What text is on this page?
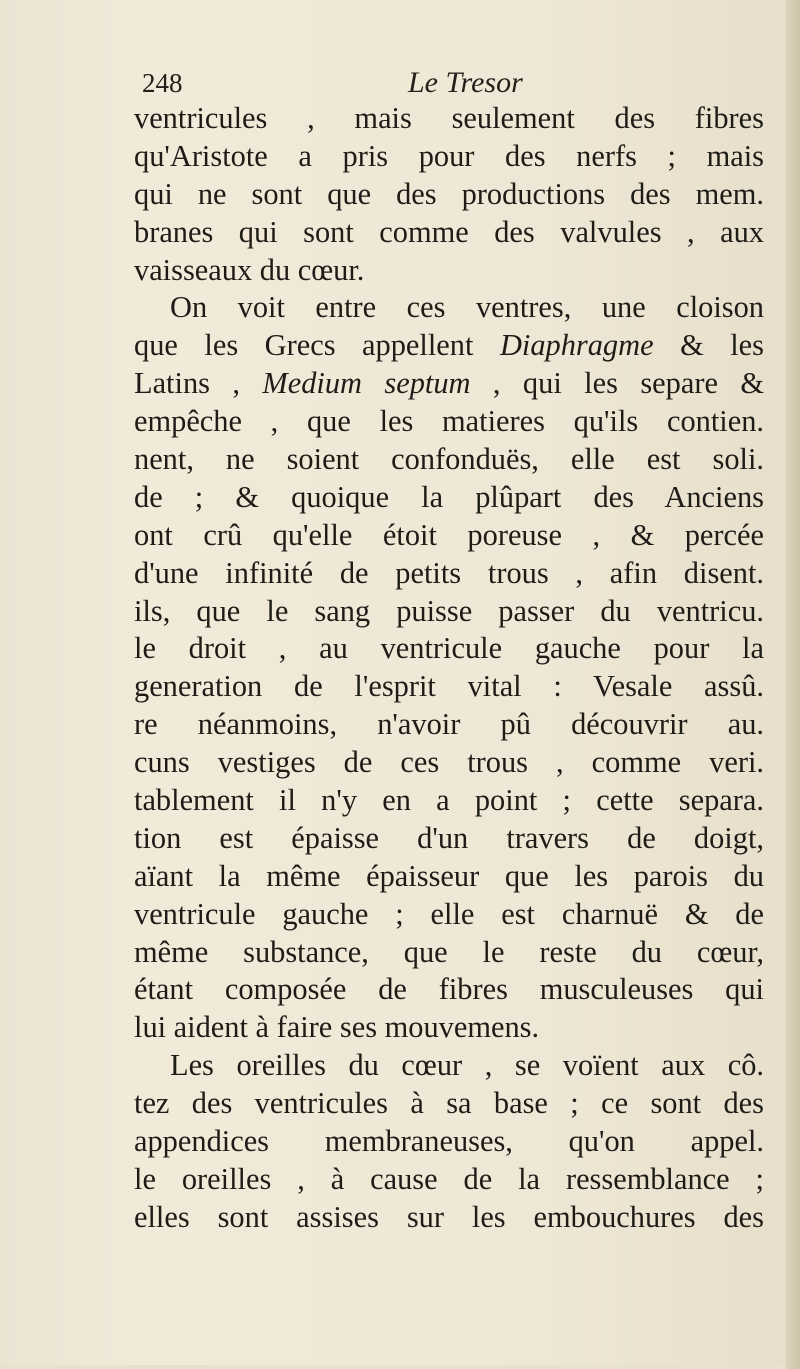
248	Le Tresor
ventricules , mais seulement des fibres
qu'Aristote a pris pour des nerfs ; mais
qui ne sont que des productions des mem.
branes qui sont comme des valvules , aux
vaisseaux du cœur.
On voit entre ces ventres, une cloison
que les Grecs appellent Diaphragme & les
Latins , Medium septum , qui les separe &
empêche , que les matieres qu'ils contien.
nent, ne soient confonduës, elle est soli.
de ; & quoique la plûpart des Anciens
ont crû qu'elle étoit poreuse , & percée
d'une infinité de petits trous , afin disent.
ils, que le sang puisse passer du ventricu.
le droit , au ventricule gauche pour la
generation de l'esprit vital : Vesale assû.
re néanmoins, n'avoir pû découvrir au.
cuns vestiges de ces trous , comme veri.
tablement il n'y en a point ; cette separa.
tion est épaisse d'un travers de doigt,
aïant la même épaisseur que les parois du
ventricule gauche ; elle est charnuë & de
même substance, que le reste du cœur,
étant composée de fibres musculeuses qui
lui aident à faire ses mouvemens.
Les oreilles du cœur , se voïent aux cô.
tez des ventricules à sa base ; ce sont des
appendices membraneuses, qu'on appel.
le oreilles , à cause de la ressemblance ;
elles sont assises sur les embouchures des
